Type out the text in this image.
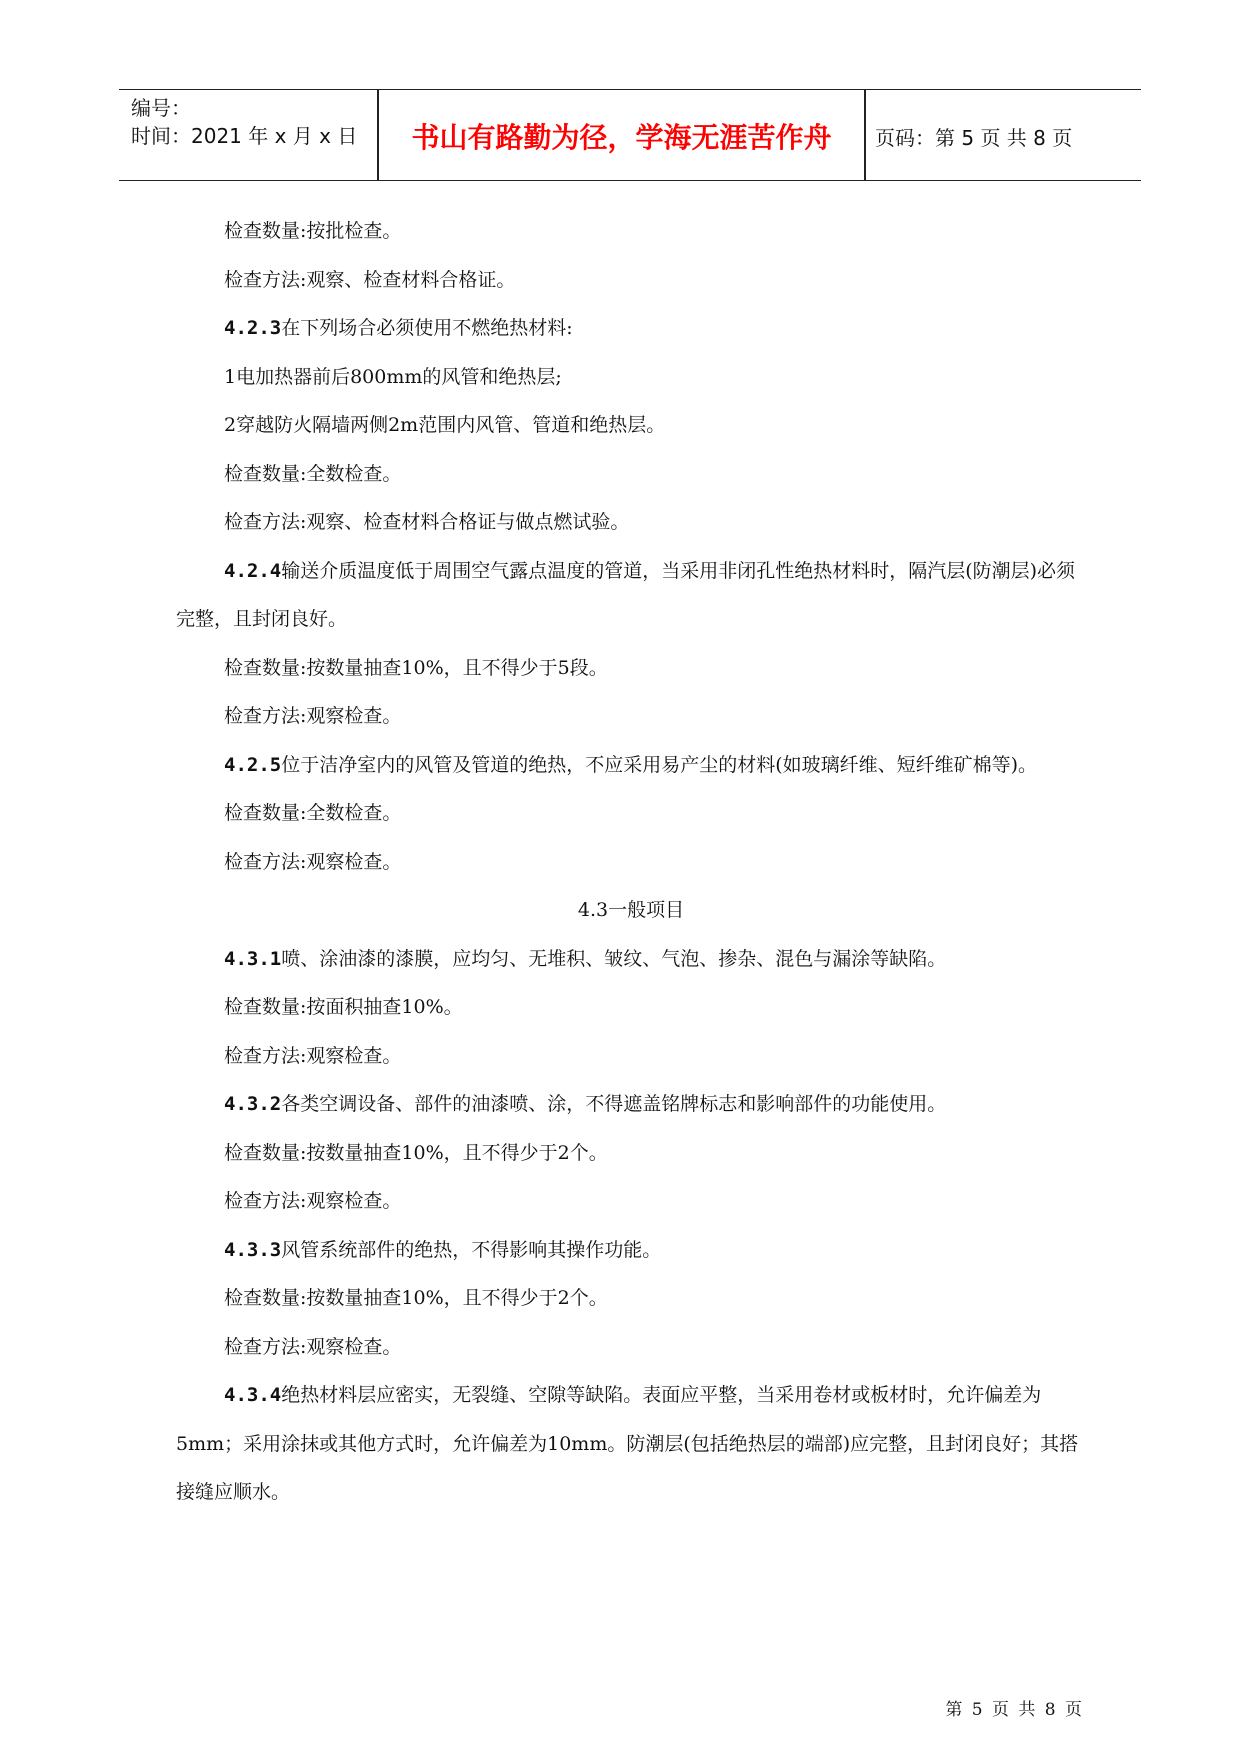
编号：
时间：2021 年 x 月 x 日	书山有路勤为径，学海无涯苦作舟	页码：第 5 页 共 8 页

检查数量:按批检查。

检查方法:观察、检查材料合格证。

4.2.3在下列场合必须使用不燃绝热材料:

1电加热器前后800mm的风管和绝热层;

2穿越防火隔墙两侧2m范围内风管、管道和绝热层。

检查数量:全数检查。

检查方法:观察、检查材料合格证与做点燃试验。

4.2.4输送介质温度低于周围空气露点温度的管道，当采用非闭孔性绝热材料时，隔汽层(防潮层)必须完整，且封闭良好。

检查数量:按数量抽查10%，且不得少于5段。

检查方法:观察检查。

4.2.5位于洁净室内的风管及管道的绝热，不应采用易产尘的材料(如玻璃纤维、短纤维矿棉等)。

检查数量:全数检查。

检查方法:观察检查。

4.3一般项目

4.3.1喷、涂油漆的漆膜，应均匀、无堆积、皱纹、气泡、掺杂、混色与漏涂等缺陷。

检查数量:按面积抽查10%。

检查方法:观察检查。

4.3.2各类空调设备、部件的油漆喷、涂，不得遮盖铭牌标志和影响部件的功能使用。

检查数量:按数量抽查10%，且不得少于2个。

检查方法:观察检查。

4.3.3风管系统部件的绝热，不得影响其操作功能。

检查数量:按数量抽查10%，且不得少于2个。

检查方法:观察检查。

4.3.4绝热材料层应密实，无裂缝、空隙等缺陷。表面应平整，当采用卷材或板材时，允许偏差为5mm；采用涂抹或其他方式时，允许偏差为10mm。防潮层(包括绝热层的端部)应完整，且封闭良好；其搭接缝应顺水。

第 5 页 共 8 页
